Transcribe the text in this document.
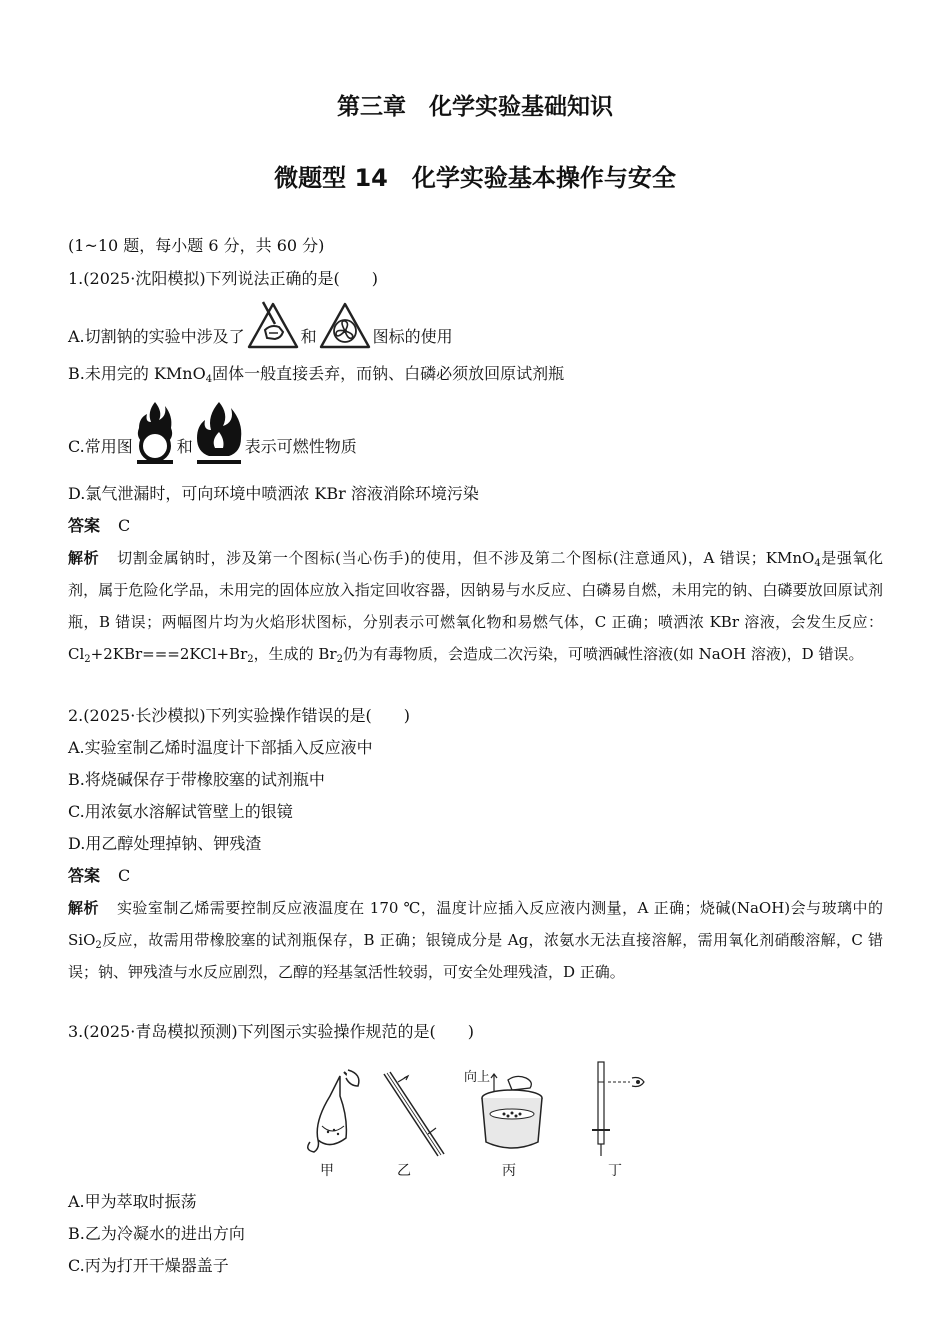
第三章　化学实验基础知识
微题型 14　化学实验基本操作与安全
(1~10 题，每小题 6 分，共 60 分)
1.(2025·沈阳模拟)下列说法正确的是(　　)
A.切割钠的实验中涉及了	和	图标的使用
B.未用完的 KMnO$_4$固体一般直接丢弃，而钠、白磷必须放回原试剂瓶
C.常用图	和	表示可燃性物质
D.氯气泄漏时，可向环境中喷洒浓 KBr 溶液消除环境污染
答案 C
解析 切割金属钠时，涉及第一个图标(当心伤手)的使用，但不涉及第二个图标(注意通风)，A 错误；KMnO$_4$是强氧化剂，属于危险化学品，未用完的固体应放入指定回收容器，因钠易与水反应、白磷易自燃，未用完的钠、白磷要放回原试剂瓶，B 错误；两幅图片均为火焰形状图标，分别表示可燃氧化物和易燃气体，C 正确；喷洒浓 KBr 溶液，会发生反应：$Cl_2+2KBr===2KCl+Br_2$，生成的 $Br_2$仍为有毒物质，会造成二次污染，可喷洒碱性溶液(如 NaOH 溶液)，D 错误。
2.(2025·长沙模拟)下列实验操作错误的是(　　)
A.实验室制乙烯时温度计下部插入反应液中
B.将烧碱保存于带橡胶塞的试剂瓶中
C.用浓氨水溶解试管壁上的银镜
D.用乙醇处理掉钠、钾残渣
答案 C
解析 实验室制乙烯需要控制反应液温度在 170 ℃，温度计应插入反应液内测量，A 正确；烧碱(NaOH)会与玻璃中的 SiO$_2$反应，故需用带橡胶塞的试剂瓶保存，B 正确；银镜成分是 Ag，浓氨水无法直接溶解，需用氧化剂硝酸溶解，C 错误；钠、钾残渣与水反应剧烈，乙醇的羟基氢活性较弱，可安全处理残渣，D 正确。
3.(2025·青岛模拟预测)下列图示实验操作规范的是(　　)
向上
甲	乙	丙	丁
A.甲为萃取时振荡
B.乙为冷凝水的进出方向
C.丙为打开干燥器盖子
